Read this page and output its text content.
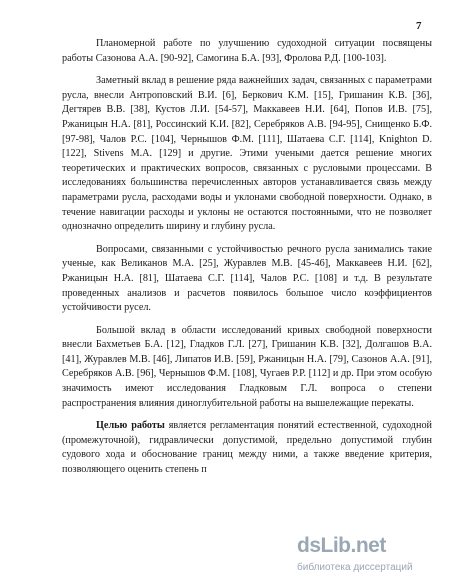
7

Планомерной работе по улучшению судоходной ситуации посвящены работы Сазонова А.А. [90-92], Самогина Б.А. [93], Фролова Р.Д. [100-103].

Заметный вклад в решение ряда важнейших задач, связанных с параметрами русла, внесли Антроповский В.И. [6], Беркович К.М. [15], Гришанин К.В. [36], Дегтярев В.В. [38], Кустов Л.И. [54-57], Маккавеев Н.И. [64], Попов И.В. [75], Ржаницын Н.А. [81], Россинский К.И. [82], Серебряков А.В. [94-95], Снищенко Б.Ф. [97-98], Чалов Р.С. [104], Чернышов Ф.М. [111], Шатаева С.Г. [114], Knighton D. [122], Stivens M.A. [129] и другие. Этими учеными дается решение многих теоретических и практических вопросов, связанных с русловыми процессами. В исследованиях большинства перечисленных авторов устанавливается связь между параметрами русла, расходами воды и уклонами свободной поверхности. Однако, в течение навигации расходы и уклоны не остаются постоянными, что не позволяет однозначно определить ширину и глубину русла.

Вопросами, связанными с устойчивостью речного русла занимались такие ученые, как Великанов М.А. [25], Журавлев М.В. [45-46], Маккавеев Н.И. [62], Ржаницын Н.А. [81], Шатаева С.Г. [114], Чалов Р.С. [108] и т.д. В результате проведенных анализов и расчетов появилось большое число коэффициентов устойчивости русел.

Большой вклад в области исследований кривых свободной поверхности внесли Бахметьев Б.А. [12], Гладков Г.Л. [27], Гришанин К.В. [32], Долгашов В.А. [41], Журавлев М.В. [46], Липатов И.В. [59], Ржаницын Н.А. [79], Сазонов А.А. [91], Серебряков А.В. [96], Чернышов Ф.М. [108], Чугаев Р.Р. [112] и др. При этом особую значимость имеют исследования Гладковым Г.Л. вопроса о степени распространения влияния диноглубительной работы на вышележащие перекаты.

Целью работы является регламентация понятий естественной, судоходной (промежуточной), гидравлически допустимой, предельно допустимой глубин судового хода и обоснование границ между ними, а также введение критерия, позволяющего оценить степень п

dsLib.net
библиотека диссертаций
